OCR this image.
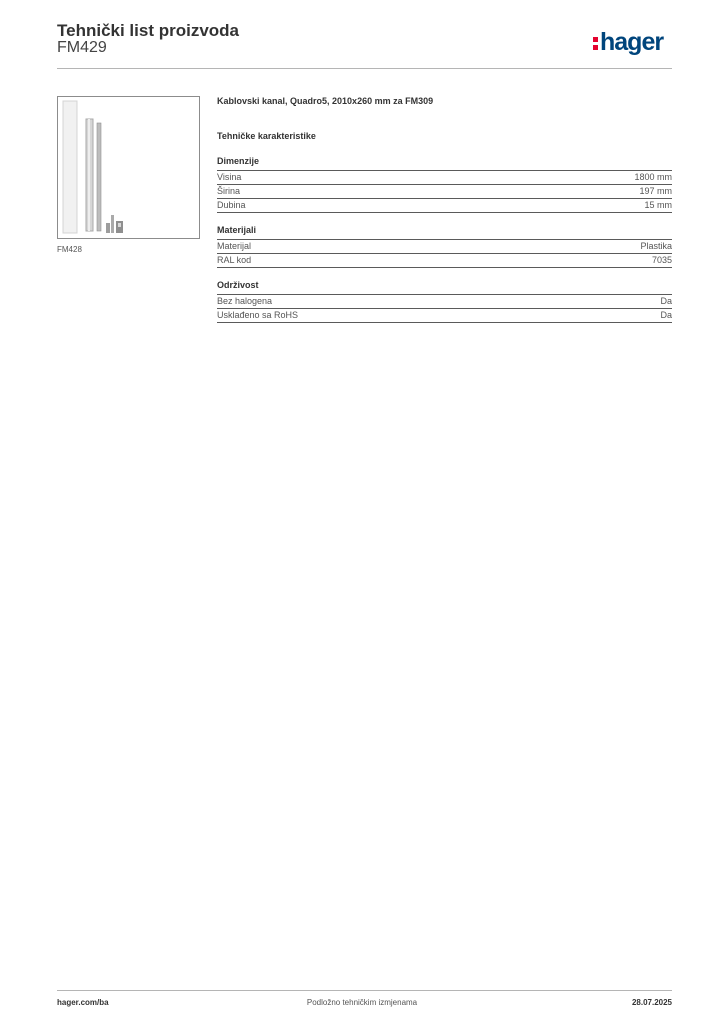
Tehnički list proizvoda
FM429	hager
FM428

Kablovski kanal, Quadro5, 2010x260 mm za FM309

Tehničke karakteristike
Dimenzije
Visina	1800 mm
Širina	197 mm
Dubina	15 mm
Materijali
Materijal	Plastika
RAL kod	7035
Održivost
Bez halogena	Da
Usklađeno sa RoHS	Da
hager.com/ba	Podložno tehničkim izmjenama	28.07.2025
